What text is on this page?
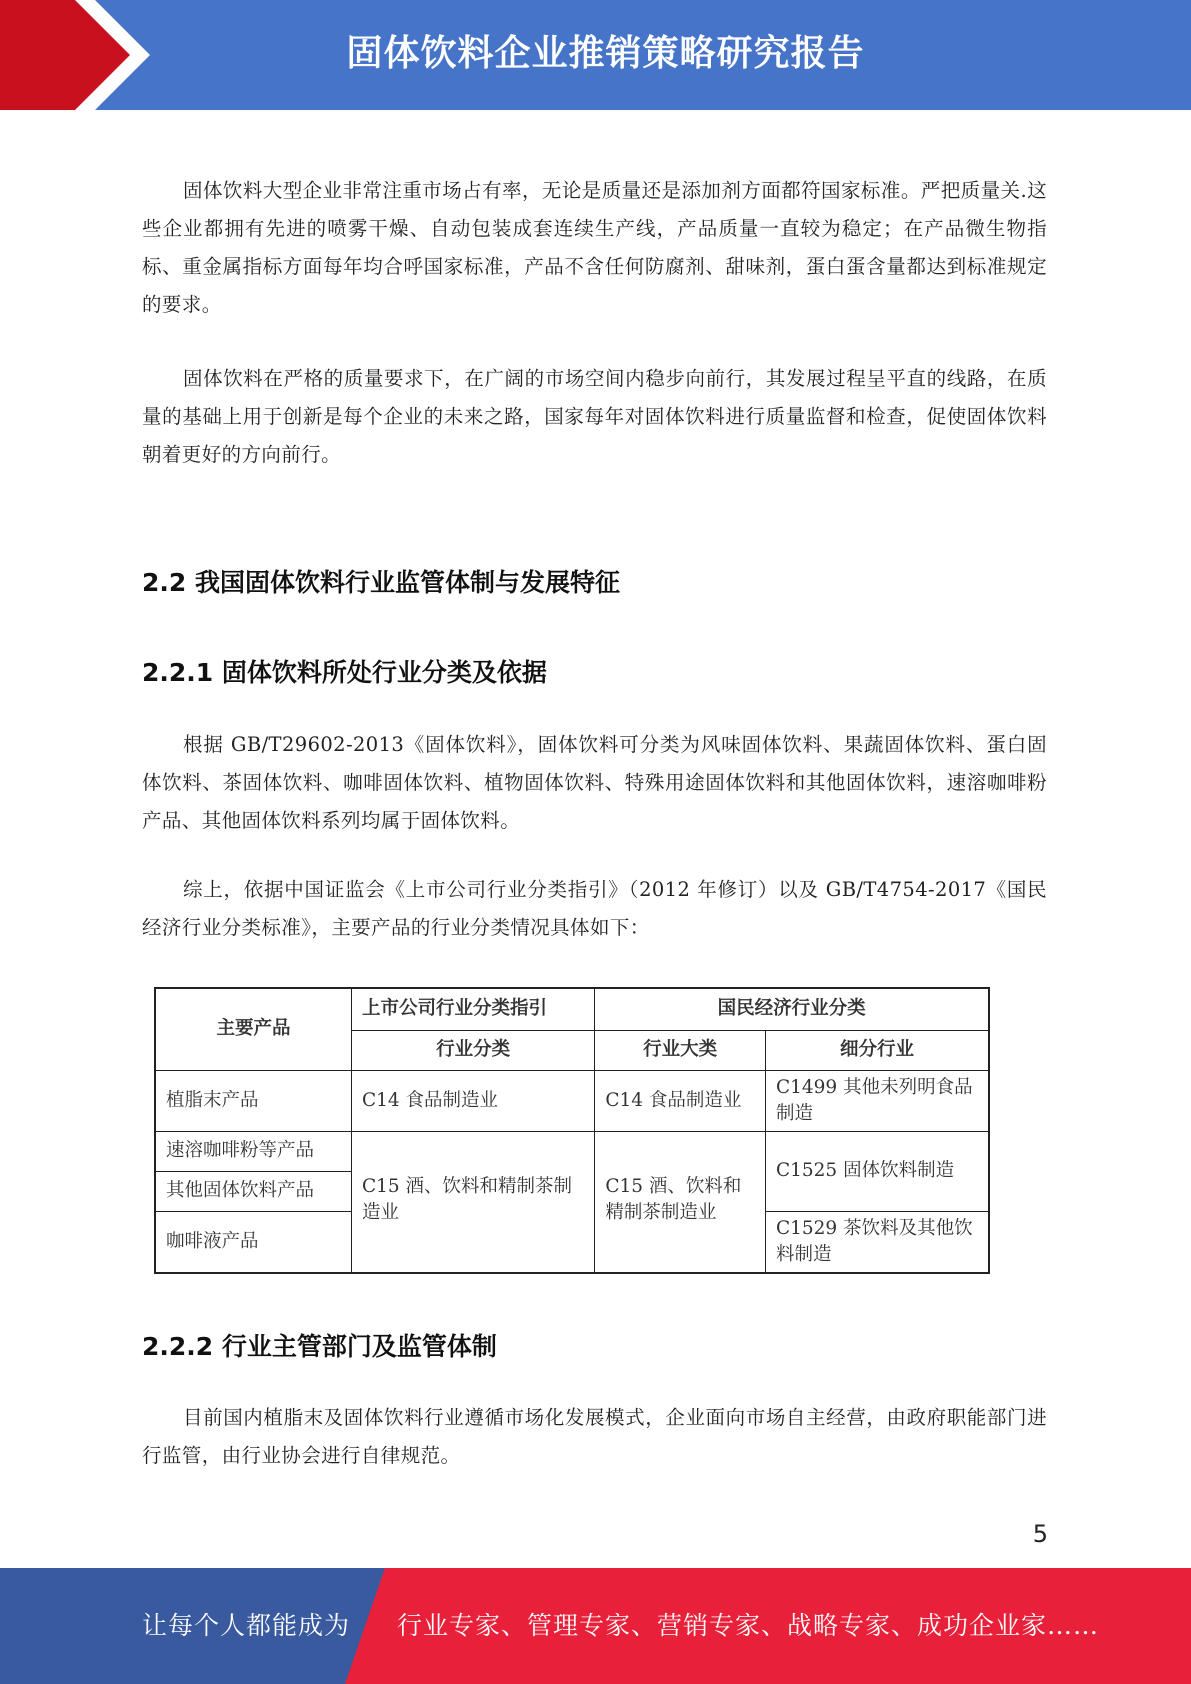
固体饮料企业推销策略研究报告

固体饮料大型企业非常注重市场占有率，无论是质量还是添加剂方面都符国家标准。严把质量关.这些企业都拥有先进的喷雾干燥、自动包装成套连续生产线，产品质量一直较为稳定；在产品微生物指标、重金属指标方面每年均合呼国家标准，产品不含任何防腐剂、甜味剂，蛋白蛋含量都达到标准规定的要求。

固体饮料在严格的质量要求下，在广阔的市场空间内稳步向前行，其发展过程呈平直的线路，在质量的基础上用于创新是每个企业的未来之路，国家每年对固体饮料进行质量监督和检查，促使固体饮料朝着更好的方向前行。

2.2 我国固体饮料行业监管体制与发展特征
2.2.1 固体饮料所处行业分类及依据

根据 GB/T29602-2013《固体饮料》，固体饮料可分类为风味固体饮料、果蔬固体饮料、蛋白固体饮料、茶固体饮料、咖啡固体饮料、植物固体饮料、特殊用途固体饮料和其他固体饮料，速溶咖啡粉产品、其他固体饮料系列均属于固体饮料。

综上，依据中国证监会《上市公司行业分类指引》（2012 年修订）以及 GB/T4754-2017《国民经济行业分类标准》，主要产品的行业分类情况具体如下：

主要产品	上市公司行业分类指引	国民经济行业分类	
	行业分类	行业大类	细分行业
植脂末产品	C14 食品制造业	C14 食品制造业	C1499 其他未列明食品制造
速溶咖啡粉等产品	C15 酒、饮料和精制茶制造业	C15 酒、饮料和精制茶制造业	C1525 固体饮料制造
其他固体饮料产品			
咖啡液产品			C1529 茶饮料及其他饮料制造
2.2.2 行业主管部门及监管体制

目前国内植脂末及固体饮料行业遵循市场化发展模式，企业面向市场自主经营，由政府职能部门进行监管，由行业协会进行自律规范。

5
让每个人都能成为 行业专家、管理专家、营销专家、战略专家、成功企业家……
